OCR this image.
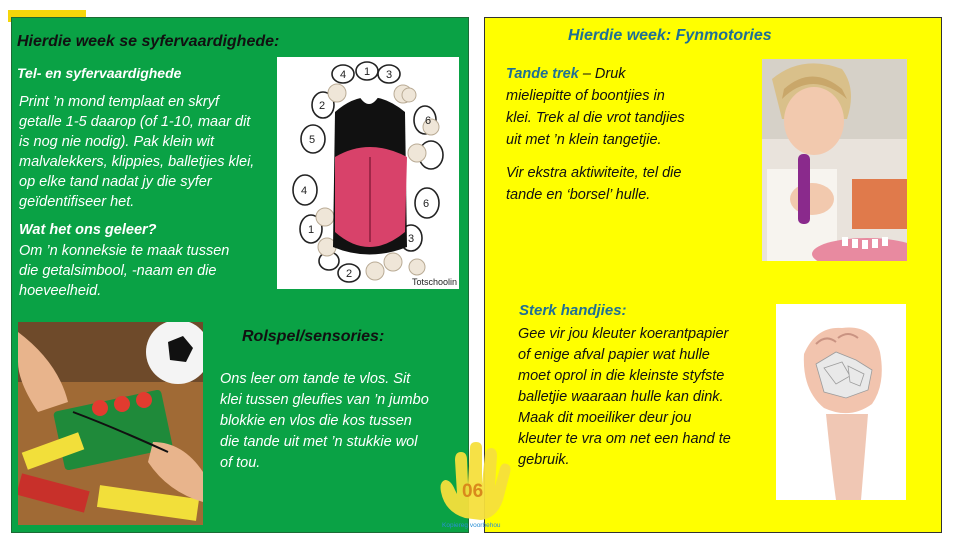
Hierdie week se syfervaardighede:
Tel- en syfervaardighede
Print ’n mond templaat en skryf
getalle 1-5 daarop (of 1-10, maar dit
is nog nie nodig). Pak klein wit
malvalekkers, klippies, balletjies klei,
op elke tand nadat jy die syfer
geïdentifiseer het.
Wat het ons geleer?
Om ’n konneksie te maak tussen
die getalsimbool, -naam en die
hoeveelheid.
Rolspel/sensories:
Ons leer om tande te vlos. Sit
klei tussen gleufies van ’n jumbo
blokkie en vlos die kos tussen
die tande uit met ’n stukkie wol
of tou.
4 1 3
2
6
5
4
6
1
3
2
Totschoolin
Hierdie week: Fynmotories
Tande trek – Druk
mieliepitte of boontjies in
klei. Trek al die vrot tandjies
uit met ’n klein tangetjie.
Vir ekstra aktiwiteite, tel die
tande en ‘borsel’ hulle.
Sterk handjies:
Gee vir jou kleuter koerantpapier
of enige afval papier wat hulle
moet oprol in die kleinste styfste
balletjie waaraan hulle kan dink.
Maak dit moeiliker deur jou
kleuter te vra om net een hand te
gebruik.
06
Kopiereg voorbehou
